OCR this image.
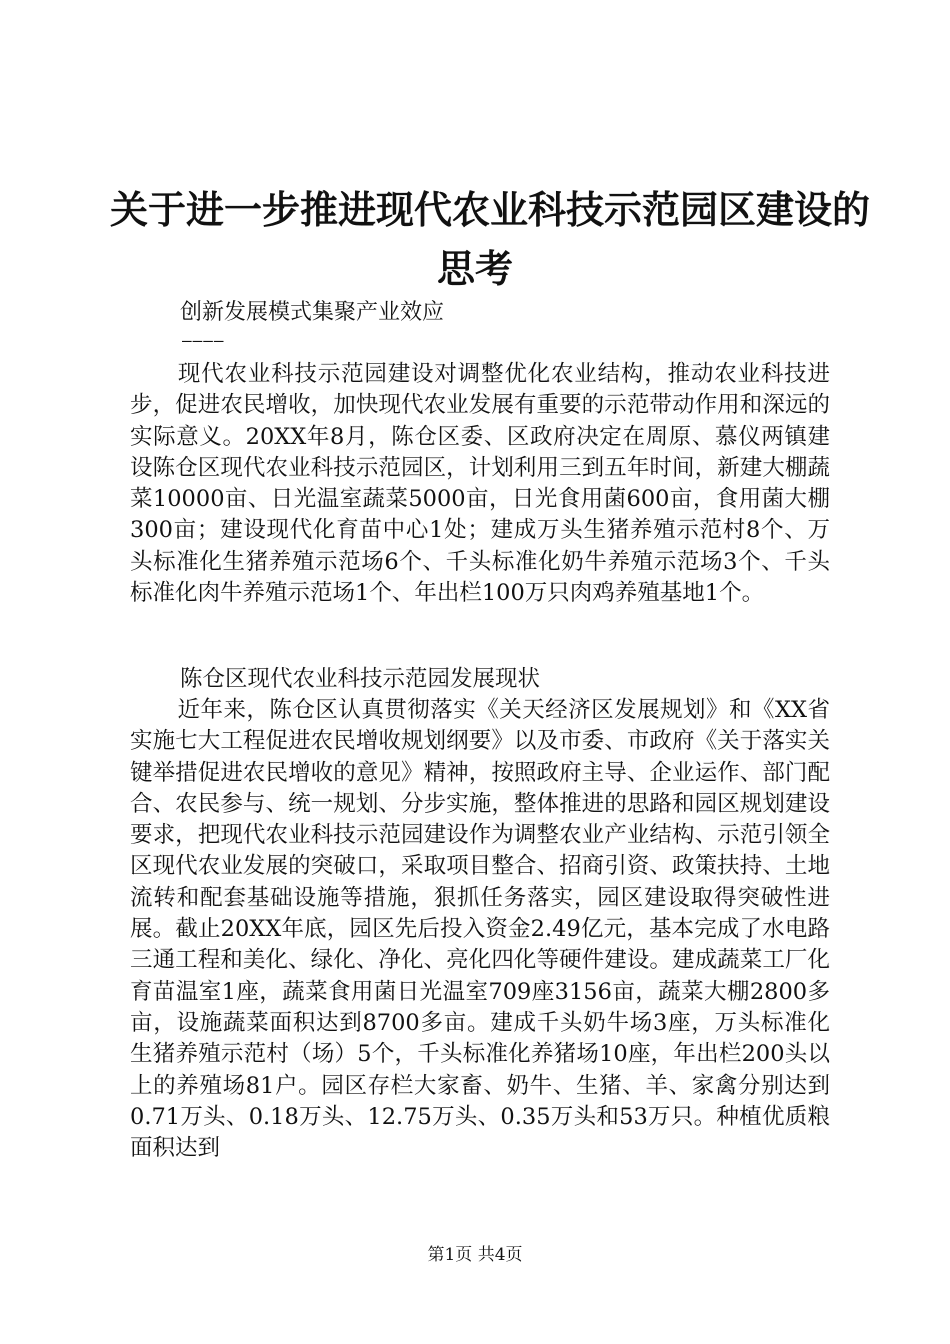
关于进一步推进现代农业科技示范园区建设的
思考
创新发展模式集聚产业效应
————

现代农业科技示范园建设对调整优化农业结构，推动农业科技进步，促进农民增收，加快现代农业发展有重要的示范带动作用和深远的实际意义。20XX年8月，陈仓区委、区政府决定在周原、慕仪两镇建设陈仓区现代农业科技示范园区，计划利用三到五年时间，新建大棚蔬菜10000亩、日光温室蔬菜5000亩，日光食用菌600亩，食用菌大棚300亩；建设现代化育苗中心1处；建成万头生猪养殖示范村8个、万头标准化生猪养殖示范场6个、千头标准化奶牛养殖示范场3个、千头标准化肉牛养殖示范场1个、年出栏100万只肉鸡养殖基地1个。

陈仓区现代农业科技示范园发展现状

近年来，陈仓区认真贯彻落实《关天经济区发展规划》和《XX省实施七大工程促进农民增收规划纲要》以及市委、市政府《关于落实关键举措促进农民增收的意见》精神，按照政府主导、企业运作、部门配合、农民参与、统一规划、分步实施，整体推进的思路和园区规划建设要求，把现代农业科技示范园建设作为调整农业产业结构、示范引领全区现代农业发展的突破口，采取项目整合、招商引资、政策扶持、土地流转和配套基础设施等措施，狠抓任务落实，园区建设取得突破性进展。截止20XX年底，园区先后投入资金2.49亿元，基本完成了水电路三通工程和美化、绿化、净化、亮化四化等硬件建设。建成蔬菜工厂化育苗温室1座，蔬菜食用菌日光温室709座3156亩，蔬菜大棚2800多亩，设施蔬菜面积达到8700多亩。建成千头奶牛场3座，万头标准化生猪养殖示范村（场）5个，千头标准化养猪场10座，年出栏200头以上的养殖场81户。园区存栏大家畜、奶牛、生猪、羊、家禽分别达到0.71万头、0.18万头、12.75万头、0.35万头和53万只。种植优质粮面积达到

第1页 共4页
